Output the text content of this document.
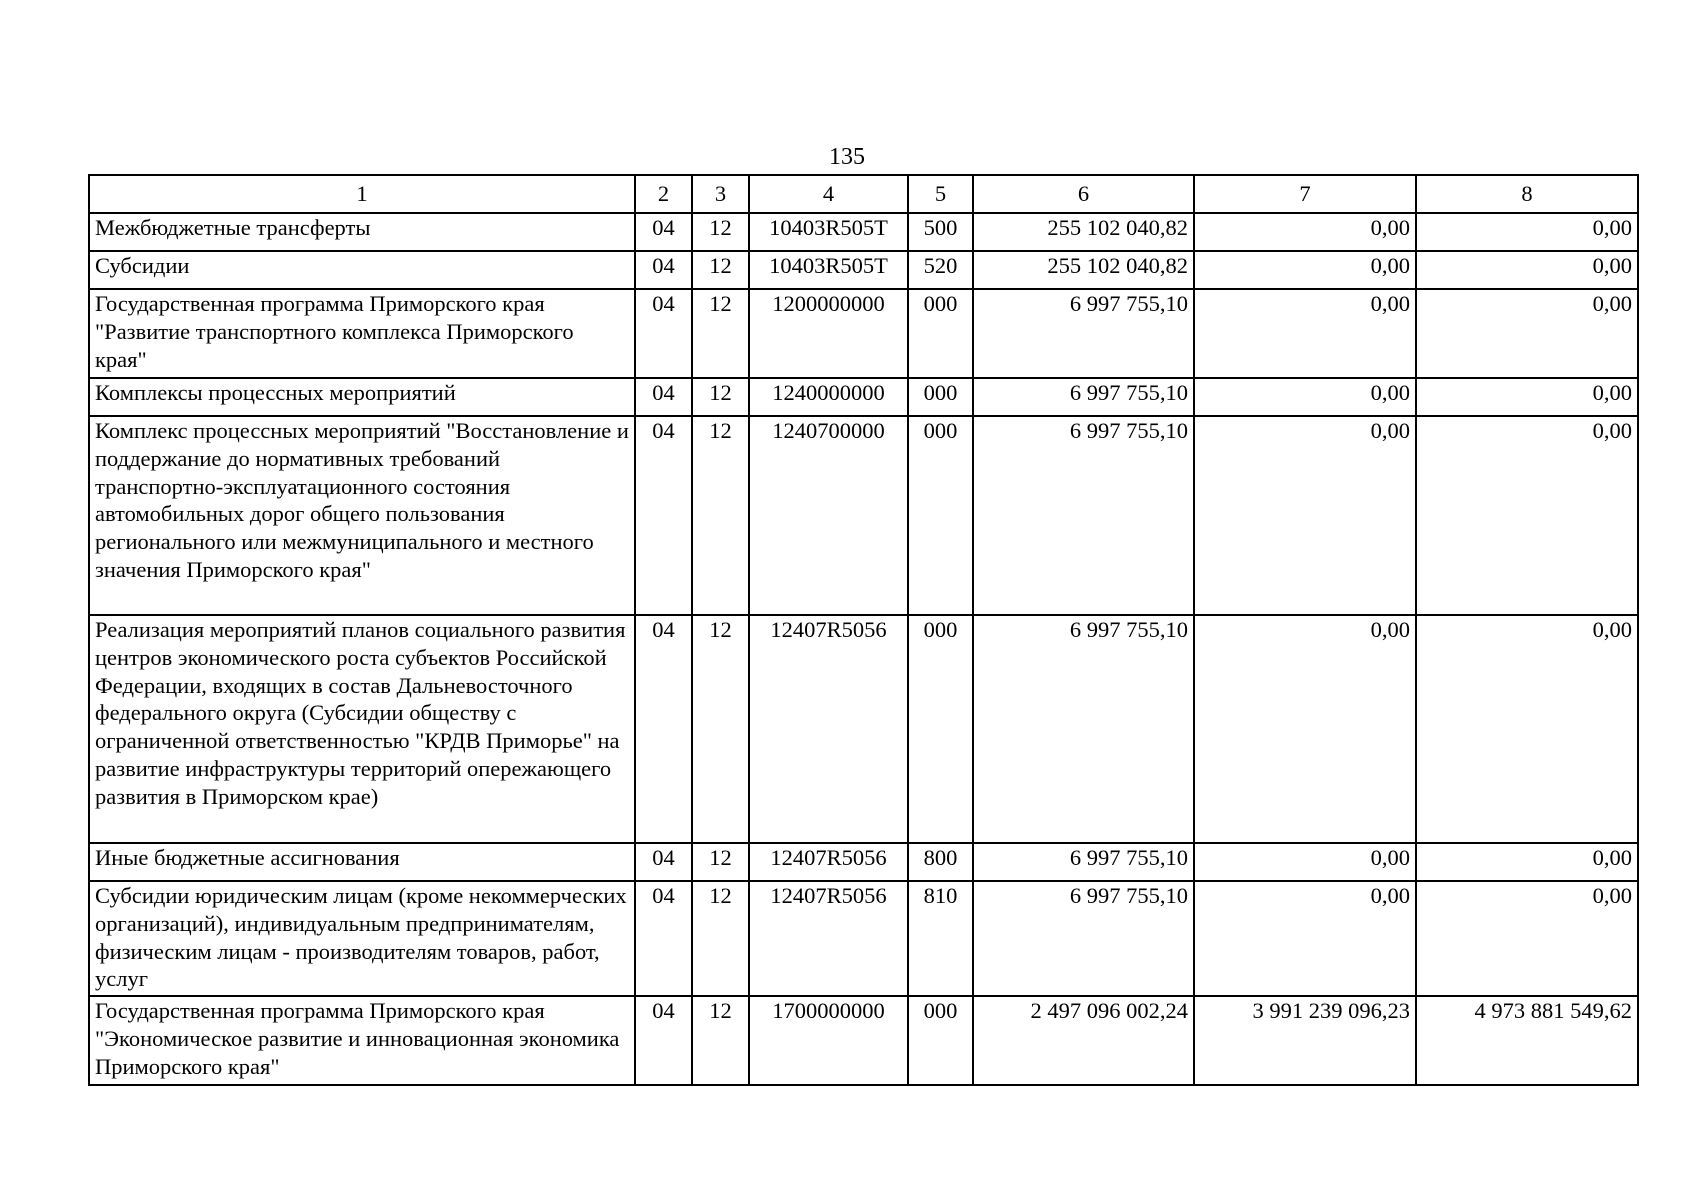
135
1	2	3	4	5	6	7	8
Межбюджетные трансферты	04	12	10403R505T	500	255 102 040,82	0,00	0,00
Субсидии	04	12	10403R505T	520	255 102 040,82	0,00	0,00
Государственная программа Приморского края "Развитие транспортного комплекса Приморского края"	04	12	1200000000	000	6 997 755,10	0,00	0,00
Комплексы процессных мероприятий	04	12	1240000000	000	6 997 755,10	0,00	0,00
Комплекс процессных мероприятий "Восстановление и поддержание до нормативных требований транспортно-эксплуатационного состояния автомобильных дорог общего пользования регионального или межмуниципального и местного значения Приморского края"	04	12	1240700000	000	6 997 755,10	0,00	0,00
Реализация мероприятий планов социального развития центров экономического роста субъектов Российской Федерации, входящих в состав Дальневосточного федерального округа (Субсидии обществу с ограниченной ответственностью "КРДВ Приморье" на развитие инфраструктуры территорий опережающего развития в Приморском крае)	04	12	12407R5056	000	6 997 755,10	0,00	0,00
Иные бюджетные ассигнования	04	12	12407R5056	800	6 997 755,10	0,00	0,00
Субсидии юридическим лицам (кроме некоммерческих организаций), индивидуальным предпринимателям, физическим лицам - производителям товаров, работ, услуг	04	12	12407R5056	810	6 997 755,10	0,00	0,00
Государственная программа Приморского края "Экономическое развитие и инновационная экономика Приморского края"	04	12	1700000000	000	2 497 096 002,24	3 991 239 096,23	4 973 881 549,62
